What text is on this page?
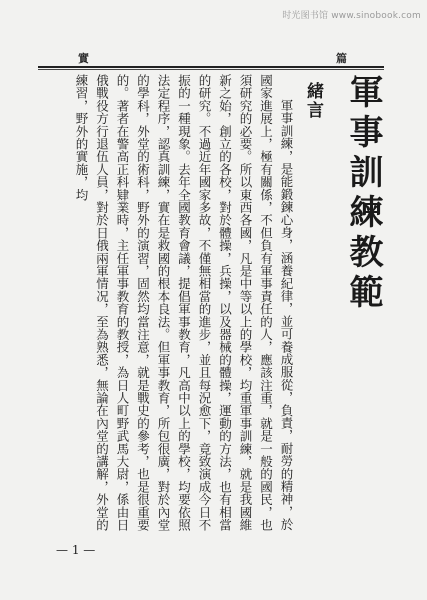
實	篇
軍事訓練教範
緒言

軍事訓練，是能鍛鍊心身，涵養紀律，並可養成服從，負責，耐勞的精神，於國家進展上，極有關係，不但負有軍事責任的人，應該注重，就是一般的國民，也須研究的必要。所以東西各國，凡是中等以上的學校，均重軍事訓練，就是我國維新之始，創立的各校，對於體操，兵操，以及器械的體操，運動的方法，也有相當的研究。不過近年國家多故，不僅無相當的進步，並且每況愈下，竟致演成今日不振的一種現象。去年全國教育會議，提倡軍事教育，凡高中以上的學校，均要依照法定程序，認真訓練，實在是救國的根本良法。但軍事教育，所包很廣，對於內堂的學科，外堂的術科，野外的演習，固然均當注意，就是戰史的參考，也是很重要的。著者在警高正科肄業時，主任軍事教育的教授，為日人町野武馬大尉，係由日俄戰役方行退伍人員，對於日俄兩軍情况，至為熟悉，無論在內堂的講解，外堂的練習，野外的實施，均

— 1 —
时光图书馆 www.sinobook.com
